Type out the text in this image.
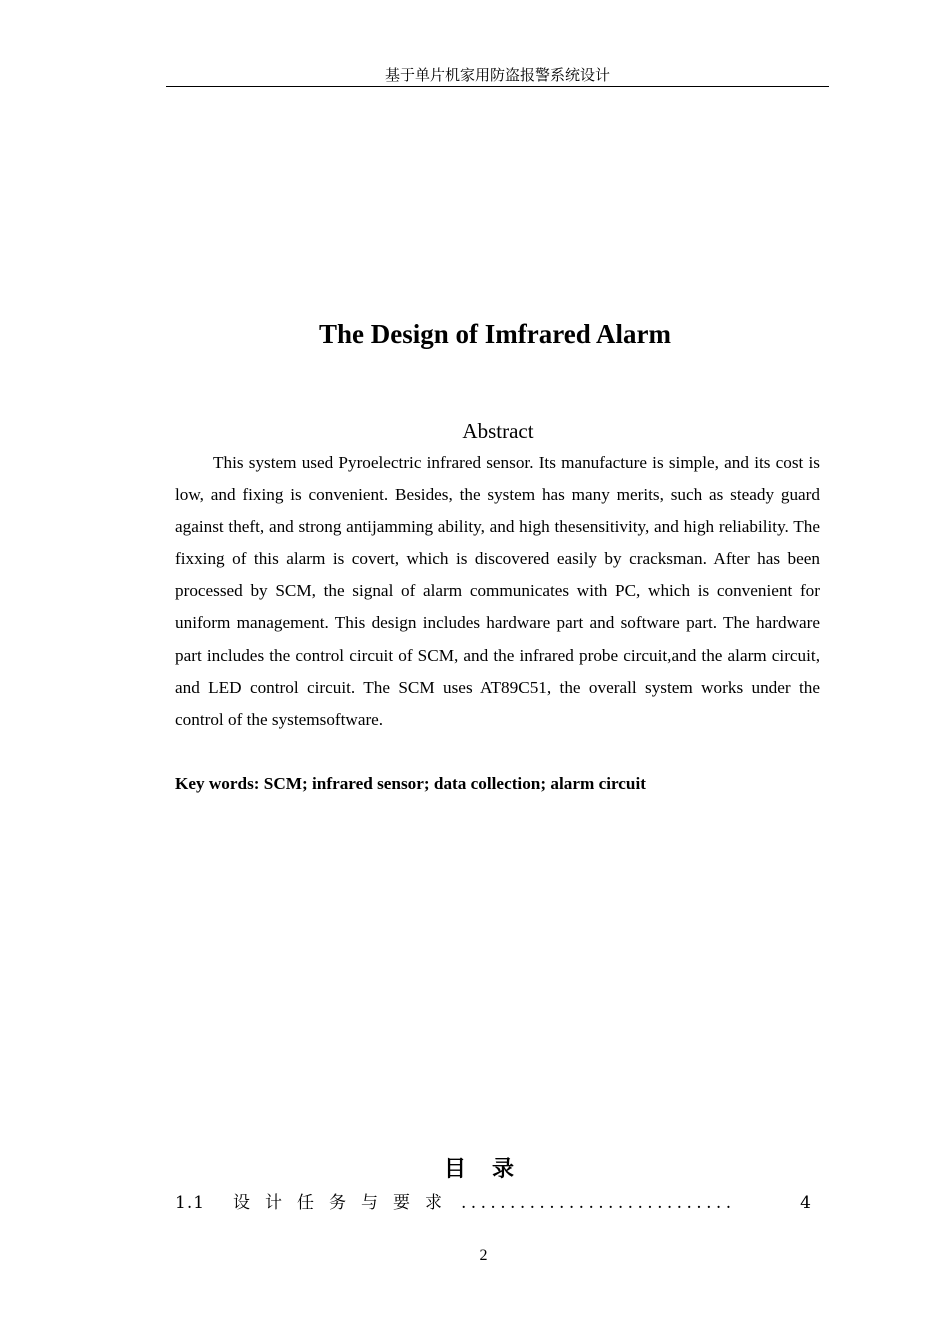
基于单片机家用防盗报警系统设计
The Design of Imfrared Alarm
Abstract

This system used Pyroelectric infrared sensor. Its manufacture is simple, and its cost is low, and fixing is convenient. Besides, the system has many merits, such as steady guard against theft, and strong antijamming ability, and high thesensitivity, and high reliability. The fixxing of this alarm is covert, which is discovered easily by cracksman. After has been processed by SCM, the signal of alarm communicates with PC, which is convenient for uniform management. This design includes hardware part and software part. The hardware part includes the control circuit of SCM, and the infrared probe circuit,and the alarm circuit, and LED control circuit. The SCM uses AT89C51, the overall system works under the control of the systemsoftware.

Key words: SCM; infrared sensor; data collection; alarm circuit
目录
1.1	设计任务与要求 ............................	4
2
